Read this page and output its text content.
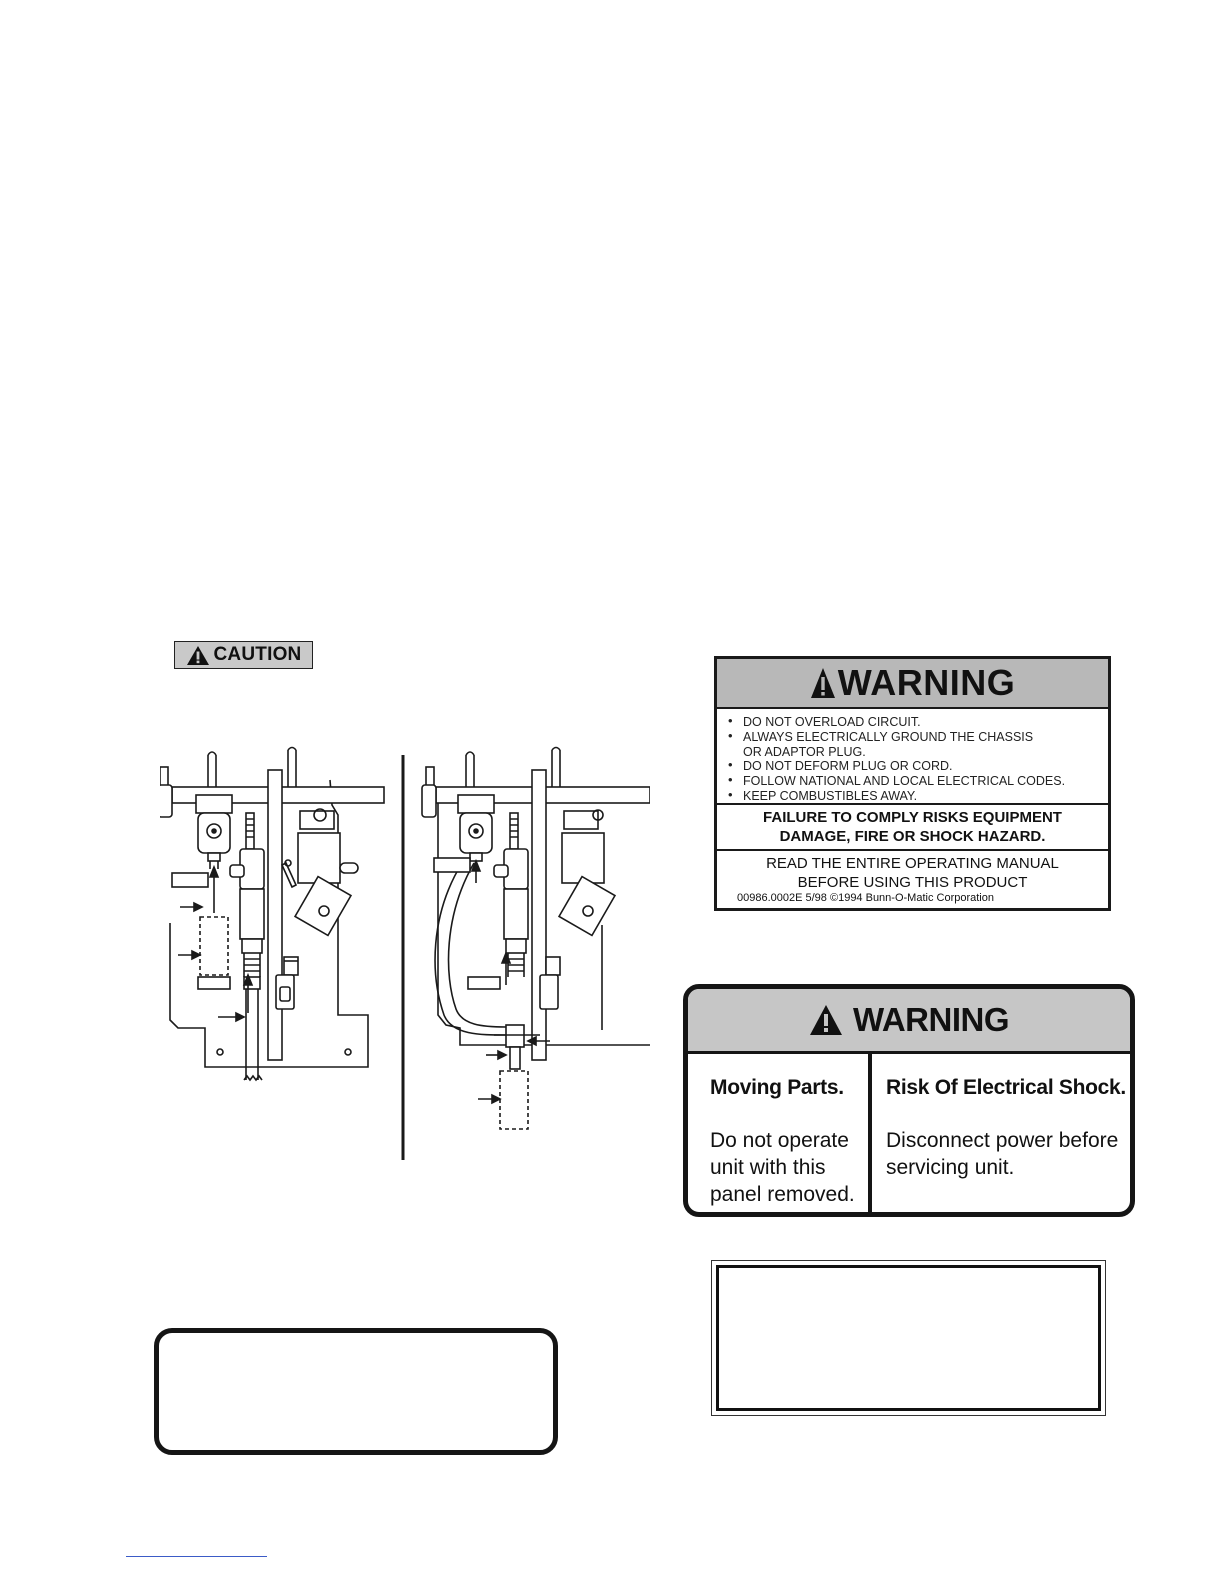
CAUTION
WARNING
• DO NOT OVERLOAD CIRCUIT.
• ALWAYS ELECTRICALLY GROUND THE CHASSIS
OR ADAPTOR PLUG.
• DO NOT DEFORM PLUG OR CORD.
• FOLLOW NATIONAL AND LOCAL ELECTRICAL CODES.
• KEEP COMBUSTIBLES AWAY.
FAILURE TO COMPLY RISKS EQUIPMENT
DAMAGE, FIRE OR SHOCK HAZARD.
READ THE ENTIRE OPERATING MANUAL
BEFORE USING THIS PRODUCT
00986.0002E 5/98 ©1994 Bunn-O-Matic Corporation
WARNING
Moving Parts.
Do not operate
unit with this
panel removed.
Risk Of Electrical Shock.
Disconnect power before
servicing unit.
